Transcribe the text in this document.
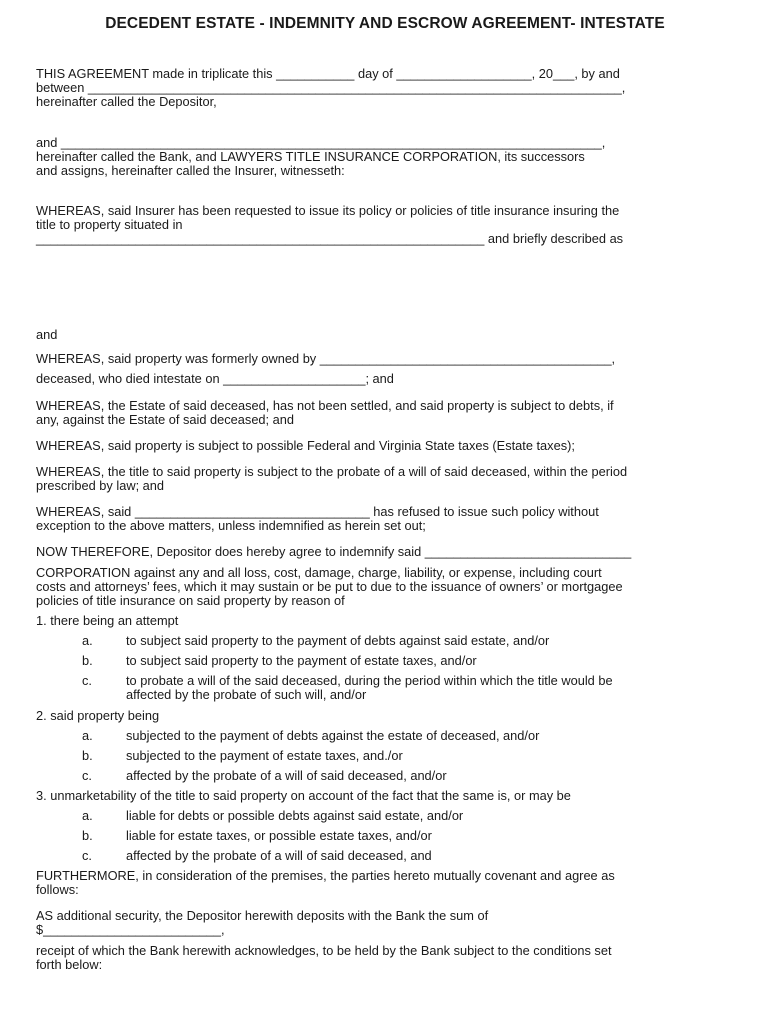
DECEDENT ESTATE - INDEMNITY AND ESCROW AGREEMENT- INTESTATE
THIS AGREEMENT made in triplicate this ___________ day of ___________________, 20___, by and
between ___________________________________________________________________________,
hereinafter called the Depositor,
and ____________________________________________________________________________,
hereinafter called the Bank, and LAWYERS TITLE INSURANCE CORPORATION, its successors
and assigns, hereinafter called the Insurer, witnesseth:
WHEREAS, said Insurer has been requested to issue its policy or policies of title insurance insuring the
title to property situated in
_______________________________________________________________ and briefly described as
and
WHEREAS, said property was formerly owned by _________________________________________,
deceased, who died intestate on ____________________; and
WHEREAS, the Estate of said deceased, has not been settled, and said property is subject to debts, if
any, against the Estate of said deceased; and
WHEREAS, said property is subject to possible Federal and Virginia State taxes (Estate taxes);
WHEREAS, the title to said property is subject to the probate of a will of said deceased, within the period
prescribed by law; and
WHEREAS, said _________________________________ has refused to issue such policy without
exception to the above matters, unless indemnified as herein set out;
NOW THEREFORE, Depositor does hereby agree to indemnify said _____________________________
CORPORATION against any and all loss, cost, damage, charge, liability, or expense, including court
costs and attorneys’ fees, which it may sustain or be put to due to the issuance of owners’ or mortgagee
policies of title insurance on said property by reason of
1. there being an attempt
a.	to subject said property to the payment of debts against said estate, and/or
b.	to subject said property to the payment of estate taxes, and/or
c.	to probate a will of the said deceased, during the period within which the title would be
affected by the probate of such will, and/or
2. said property being
a.	subjected to the payment of debts against the estate of deceased, and/or
b.	subjected to the payment of estate taxes, and./or
c.	affected by the probate of a will of said deceased, and/or
3. unmarketability of the title to said property on account of the fact that the same is, or may be
a.	liable for debts or possible debts against said estate, and/or
b.	liable for estate taxes, or possible estate taxes, and/or
c.	affected by the probate of a will of said deceased, and
FURTHERMORE, in consideration of the premises, the parties hereto mutually covenant and agree as
follows:
AS additional security, the Depositor herewith deposits with the Bank the sum of
$_________________________,
receipt of which the Bank herewith acknowledges, to be held by the Bank subject to the conditions set
forth below:
